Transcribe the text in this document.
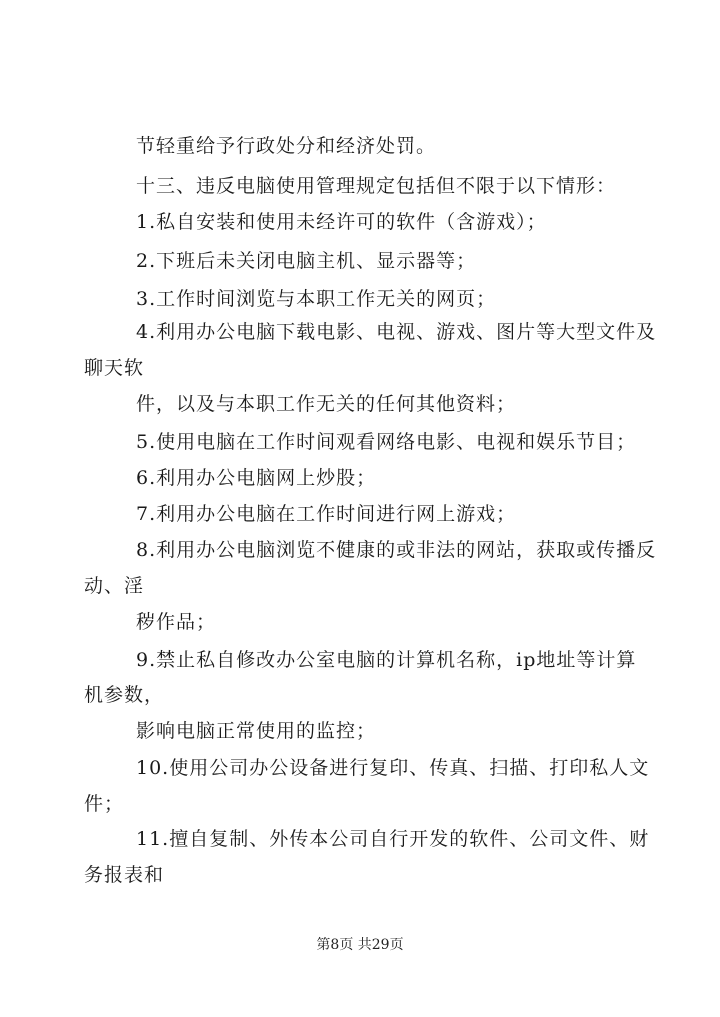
节轻重给予行政处分和经济处罚。
十三、违反电脑使用管理规定包括但不限于以下情形：
1.私自安装和使用未经许可的软件（含游戏）；
2.下班后未关闭电脑主机、显示器等；
3.工作时间浏览与本职工作无关的网页；
4.利用办公电脑下载电影、电视、游戏、图片等大型文件及
聊天软
件，以及与本职工作无关的任何其他资料；
5.使用电脑在工作时间观看网络电影、电视和娱乐节目；
6.利用办公电脑网上炒股；
7.利用办公电脑在工作时间进行网上游戏；
8.利用办公电脑浏览不健康的或非法的网站，获取或传播反
动、淫
秽作品；
9.禁止私自修改办公室电脑的计算机名称，ip地址等计算
机参数，
影响电脑正常使用的监控；
10.使用公司办公设备进行复印、传真、扫描、打印私人文
件；
11.擅自复制、外传本公司自行开发的软件、公司文件、财
务报表和
第8页 共29页
